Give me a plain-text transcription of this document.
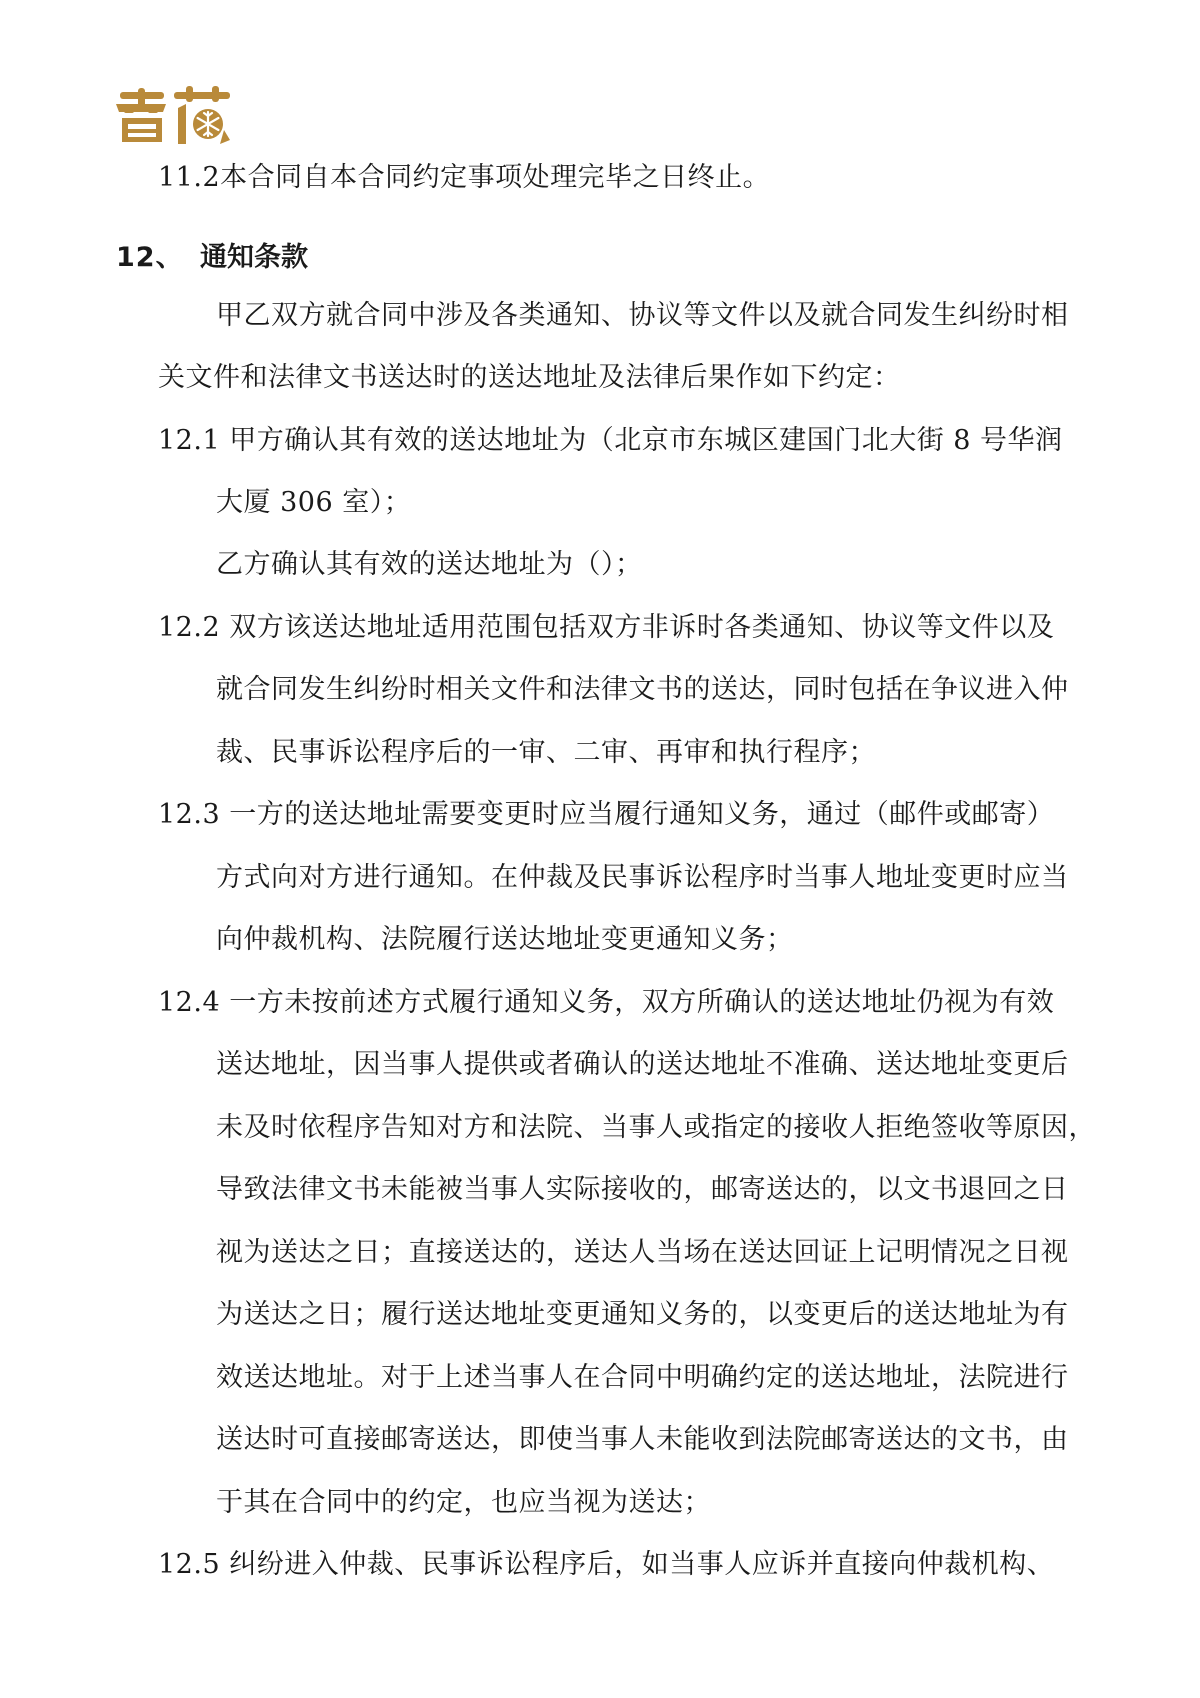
11.2本合同自本合同约定事项处理完毕之日终止。
12、 通知条款
甲乙双方就合同中涉及各类通知、协议等文件以及就合同发生纠纷时相
关文件和法律文书送达时的送达地址及法律后果作如下约定：
12.1 甲方确认其有效的送达地址为（北京市东城区建国门北大街 8 号华润
大厦 306 室）；
乙方确认其有效的送达地址为（）；
12.2 双方该送达地址适用范围包括双方非诉时各类通知、协议等文件以及
就合同发生纠纷时相关文件和法律文书的送达，同时包括在争议进入仲
裁、民事诉讼程序后的一审、二审、再审和执行程序；
12.3 一方的送达地址需要变更时应当履行通知义务，通过（邮件或邮寄）
方式向对方进行通知。在仲裁及民事诉讼程序时当事人地址变更时应当
向仲裁机构、法院履行送达地址变更通知义务；
12.4 一方未按前述方式履行通知义务，双方所确认的送达地址仍视为有效
送达地址，因当事人提供或者确认的送达地址不准确、送达地址变更后
未及时依程序告知对方和法院、当事人或指定的接收人拒绝签收等原因，
导致法律文书未能被当事人实际接收的，邮寄送达的，以文书退回之日
视为送达之日；直接送达的，送达人当场在送达回证上记明情况之日视
为送达之日；履行送达地址变更通知义务的，以变更后的送达地址为有
效送达地址。对于上述当事人在合同中明确约定的送达地址，法院进行
送达时可直接邮寄送达，即使当事人未能收到法院邮寄送达的文书，由
于其在合同中的约定，也应当视为送达；
12.5 纠纷进入仲裁、民事诉讼程序后，如当事人应诉并直接向仲裁机构、
